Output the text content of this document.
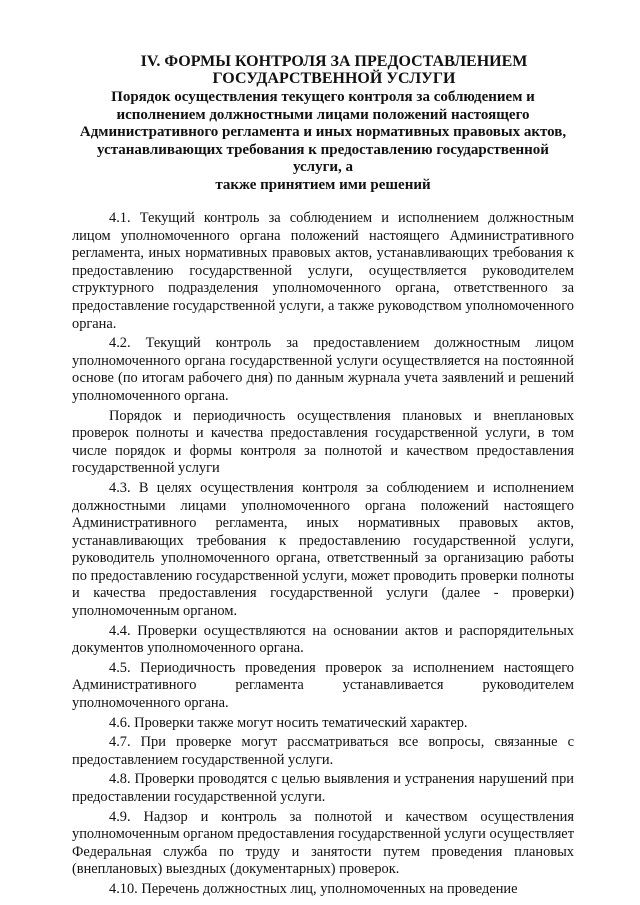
IV. ФОРМЫ КОНТРОЛЯ ЗА ПРЕДОСТАВЛЕНИЕМ
ГОСУДАРСТВЕННОЙ УСЛУГИ
Порядок осуществления текущего контроля за соблюдением и
исполнением должностными лицами положений настоящего
Административного регламента и иных нормативных правовых актов,
устанавливающих требования к предоставлению государственной услуги, а
также принятием ими решений

4.1. Текущий контроль за соблюдением и исполнением должностным лицом уполномоченного органа положений настоящего Административного регламента, иных нормативных правовых актов, устанавливающих требования к предоставлению государственной услуги, осуществляется руководителем структурного подразделения уполномоченного органа, ответственного за предоставление государственной услуги, а также руководством уполномоченного органа.

4.2. Текущий контроль за предоставлением должностным лицом уполномоченного органа государственной услуги осуществляется на постоянной основе (по итогам рабочего дня) по данным журнала учета заявлений и решений уполномоченного органа.

Порядок и периодичность осуществления плановых и внеплановых проверок полноты и качества предоставления государственной услуги, в том числе порядок и формы контроля за полнотой и качеством предоставления государственной услуги

4.3. В целях осуществления контроля за соблюдением и исполнением должностными лицами уполномоченного органа положений настоящего Административного регламента, иных нормативных правовых актов, устанавливающих требования к предоставлению государственной услуги, руководитель уполномоченного органа, ответственный за организацию работы по предоставлению государственной услуги, может проводить проверки полноты и качества предоставления государственной услуги (далее - проверки) уполномоченным органом.

4.4. Проверки осуществляются на основании актов и распорядительных документов уполномоченного органа.

4.5. Периодичность проведения проверок за исполнением настоящего Административного регламента устанавливается руководителем уполномоченного органа.

4.6. Проверки также могут носить тематический характер.

4.7. При проверке могут рассматриваться все вопросы, связанные с предоставлением государственной услуги.

4.8. Проверки проводятся с целью выявления и устранения нарушений при предоставлении государственной услуги.

4.9. Надзор и контроль за полнотой и качеством осуществления уполномоченным органом предоставления государственной услуги осуществляет Федеральная служба по труду и занятости путем проведения плановых (внеплановых) выездных (документарных) проверок.

4.10. Перечень должностных лиц, уполномоченных на проведение
